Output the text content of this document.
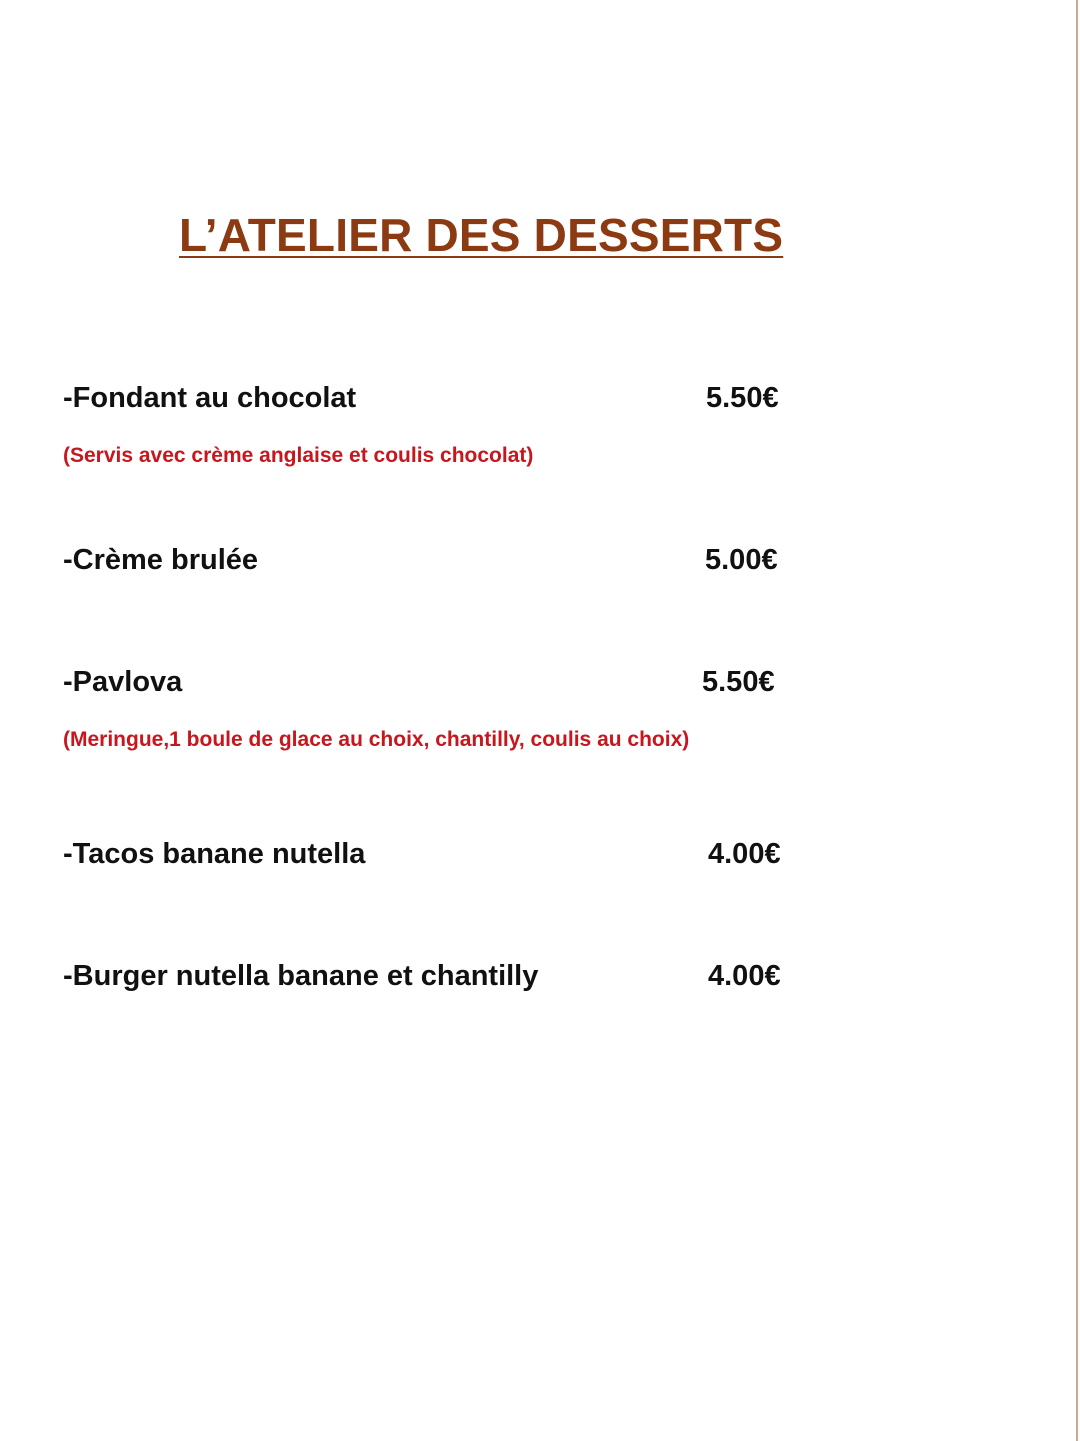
L’ATELIER DES DESSERTS

-Fondant au chocolat	5.50€

(Servis avec crème anglaise et coulis chocolat)

-Crème brulée	5.00€

-Pavlova	5.50€

(Meringue,1 boule de glace au choix, chantilly, coulis au choix)

-Tacos banane nutella	4.00€

-Burger nutella banane et chantilly	4.00€
